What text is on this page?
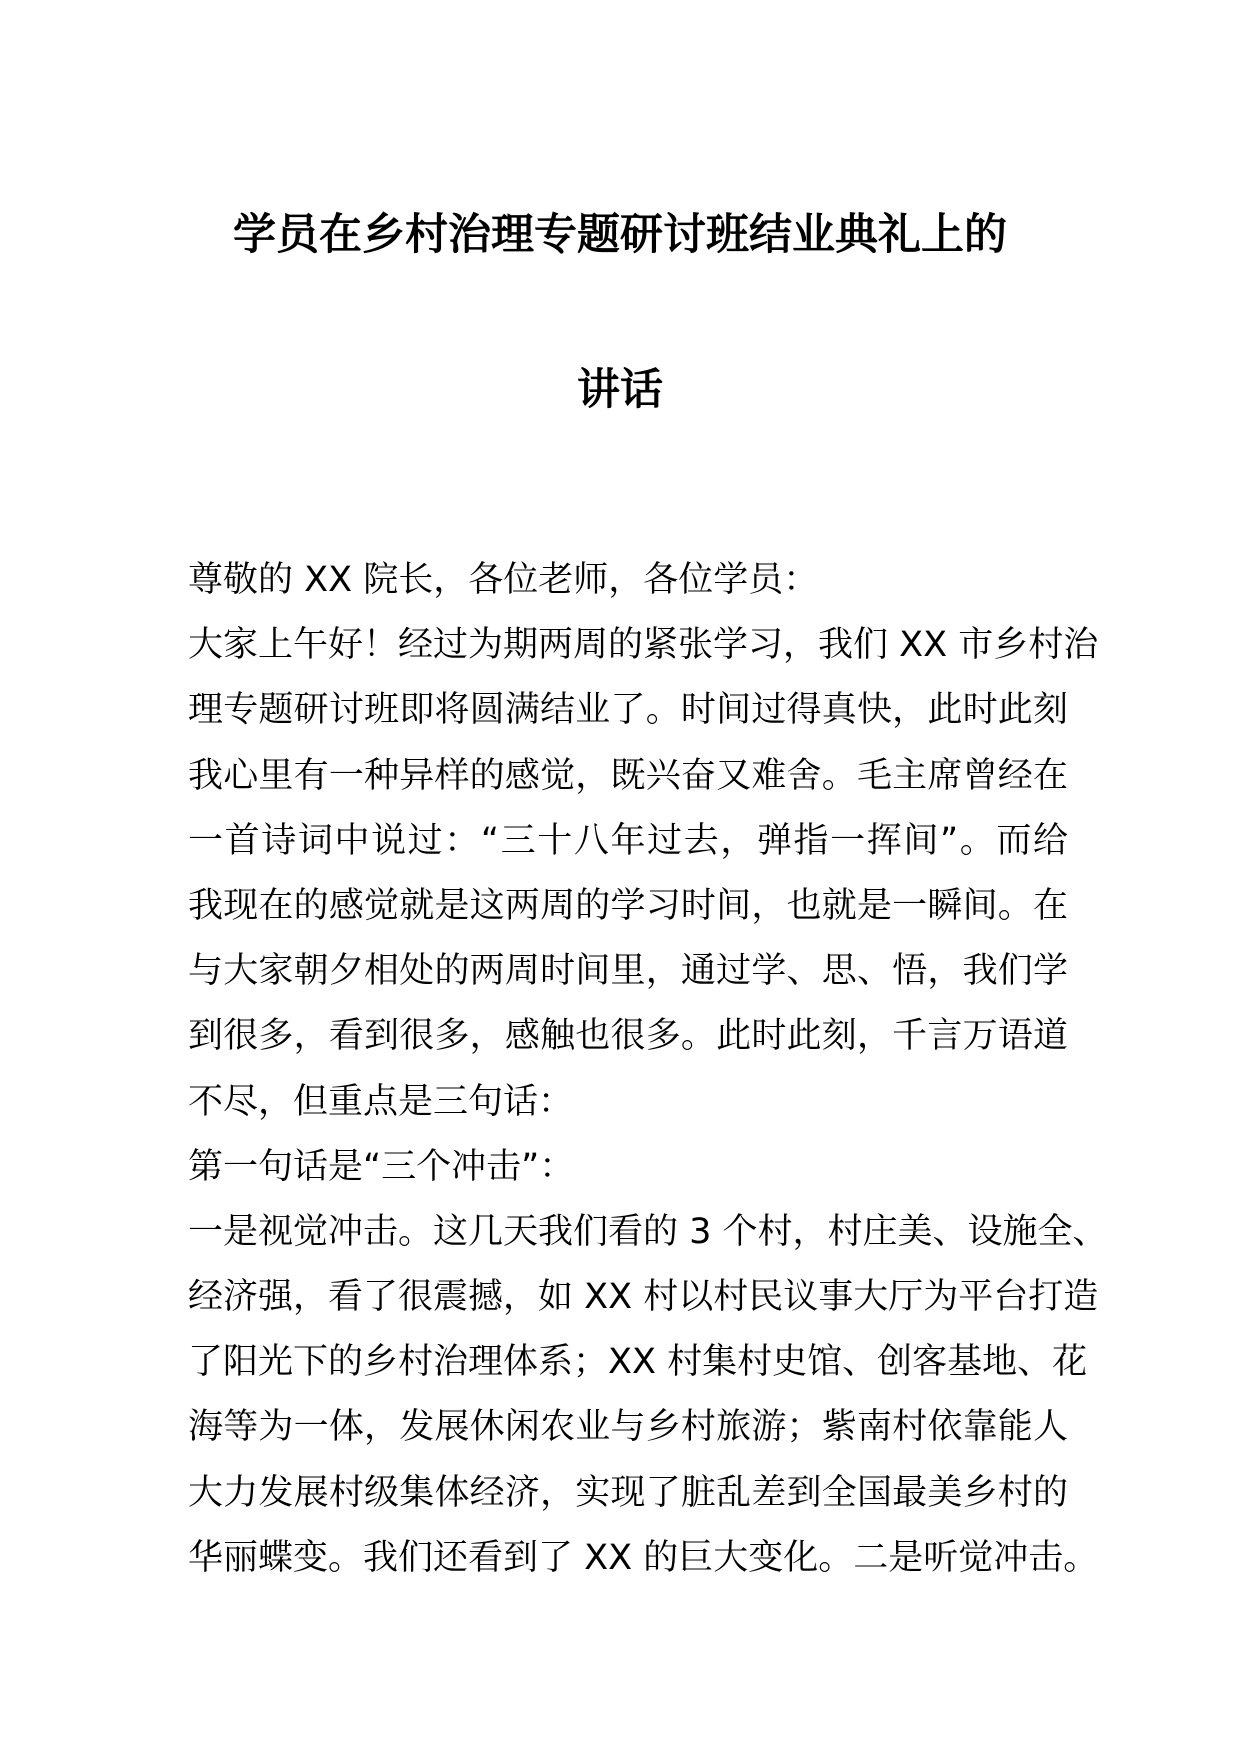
学员在乡村治理专题研讨班结业典礼上的
讲话
尊敬的 XX 院长，各位老师，各位学员：
大家上午好！经过为期两周的紧张学习，我们 XX 市乡村治
理专题研讨班即将圆满结业了。时间过得真快，此时此刻
我心里有一种异样的感觉，既兴奋又难舍。毛主席曾经在
一首诗词中说过：“三十八年过去，弹指一挥间”。而给
我现在的感觉就是这两周的学习时间，也就是一瞬间。在
与大家朝夕相处的两周时间里，通过学、思、悟，我们学
到很多，看到很多，感触也很多。此时此刻，千言万语道
不尽，但重点是三句话：
第一句话是“三个冲击”：
一是视觉冲击。这几天我们看的 3 个村，村庄美、设施全、
经济强，看了很震撼，如 XX 村以村民议事大厅为平台打造
了阳光下的乡村治理体系；XX 村集村史馆、创客基地、花
海等为一体，发展休闲农业与乡村旅游；紫南村依靠能人
大力发展村级集体经济，实现了脏乱差到全国最美乡村的
华丽蝶变。我们还看到了 XX 的巨大变化。二是听觉冲击。
